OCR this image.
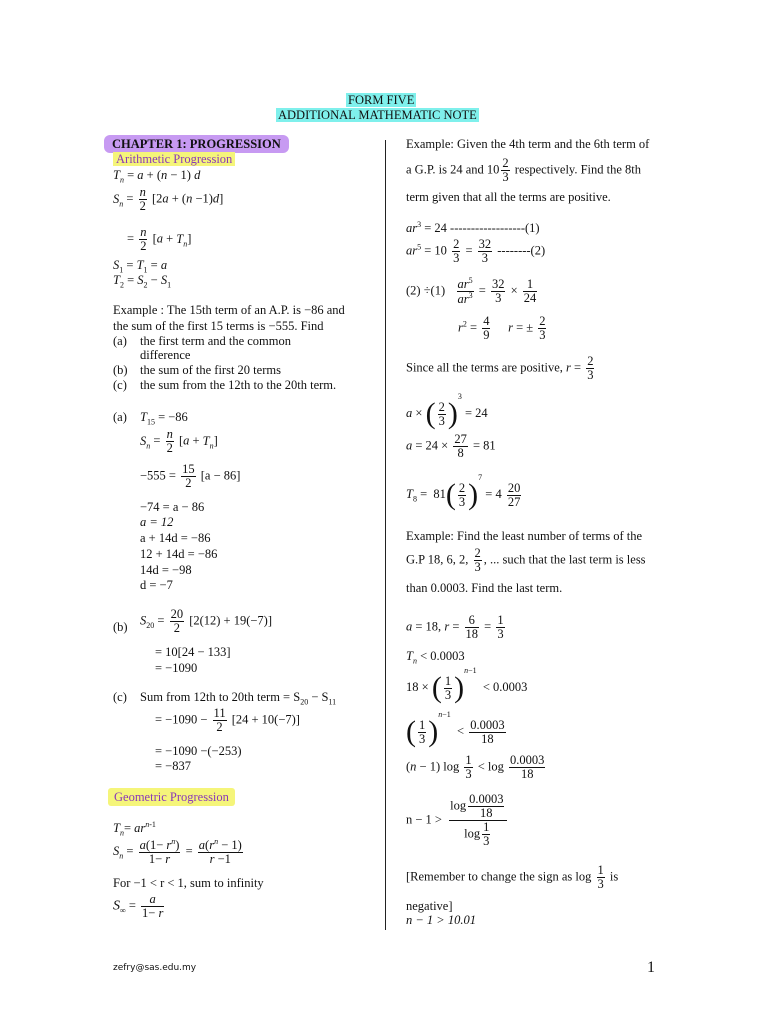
FORM FIVE
ADDITIONAL MATHEMATIC NOTE
CHAPTER 1: PROGRESSION
Arithmetic Progression
$T_n = a + (n - 1)$ d
$S_n = \frac{n}{2} [2a + (n -1)d]$
= $\frac{n}{2} [a + T_n]$
$S_1 = T_1 = a$
$T_2 = S_2 - S_1$
Example : The 15th term of an A.P. is −86 and
the sum of the first 15 terms is −555. Find
(a) the first term and the common
difference
(b) the sum of the first 20 terms
(c) the sum from the 12th to the 20th term.
(a) $T_{15} = -86$
$S_n = \frac{n}{2} [a + T_n]$
$-555 = \frac{15}{2} [a - 86]$
−74 = a − 86
a = 12
a + 14d = −86
12 + 14d = −86
14d = −98
d = −7
(b) $S_{20} = \frac{20}{2} [2(12) + 19(-7)]$
= 10[24 − 133]
= −1090
(c) Sum from 12th to 20th term = $S_{20} - S_{11}$
= $-1090 - \frac{11}{2} [24 + 10(-7)]$
= −1090 −(−253)
= −837
Geometric Progression
$T_n= ar^{n-1}$
$S_n = \frac{a(1- r^n)}{1- r} = \frac{a(r^n - 1)}{r -1}$
For −1 < r < 1, sum to infinity
$S_\infty = \frac{a}{1- r}$
Example: Given the 4th term and the 6th term of
a G.P. is 24 and $10 \frac{2}{3}$ respectively. Find the 8th
term given that all the terms are positive.
$ar^3 = 24$ ------------------(1)
$ar^5 = 10 \frac{2}{3} = \frac{32}{3} --------(2)$
$(2) \div(1) \frac{ar^5}{ar^3} = \frac{32}{3} \times \frac{1}{24}$
$r^2 = \frac{4}{9}$ r = ± $\frac{2}{3}$
Since all the terms are positive, $r = \frac{2}{3}$
a × ( $\frac{2}{3} )^3 = 24$
$a = 24 \times \frac{27}{8} = 81$
$T_8 = 81( \frac{2}{3} )^7 = 4 \frac{20}{27}$
Example: Find the least number of terms of the
G.P 18, 6, 2, $\frac{2}{3}$ , ... such that the last term is less
than 0.0003. Find the last term.
a = 18, $r = \frac{6}{18} = \frac{1}{3}$
$T_n < 0.0003$
18 × ( $\frac{1}{3} )^{n-1} < 0.0003$
( $\frac{1}{3} )^{n-1} < \frac{0.0003}{18}$
(n − 1) $\log \frac{1}{3} < \log \frac{0.0003}{18}$
$n - 1 > \frac{\log \frac{0.0003}{18}}{\log \frac{1}{3}}$
[Remember to change the sign as $\log \frac{1}{3}$ is
negative]
n − 1 > 10.01
zefry@sas.edu.my	1
